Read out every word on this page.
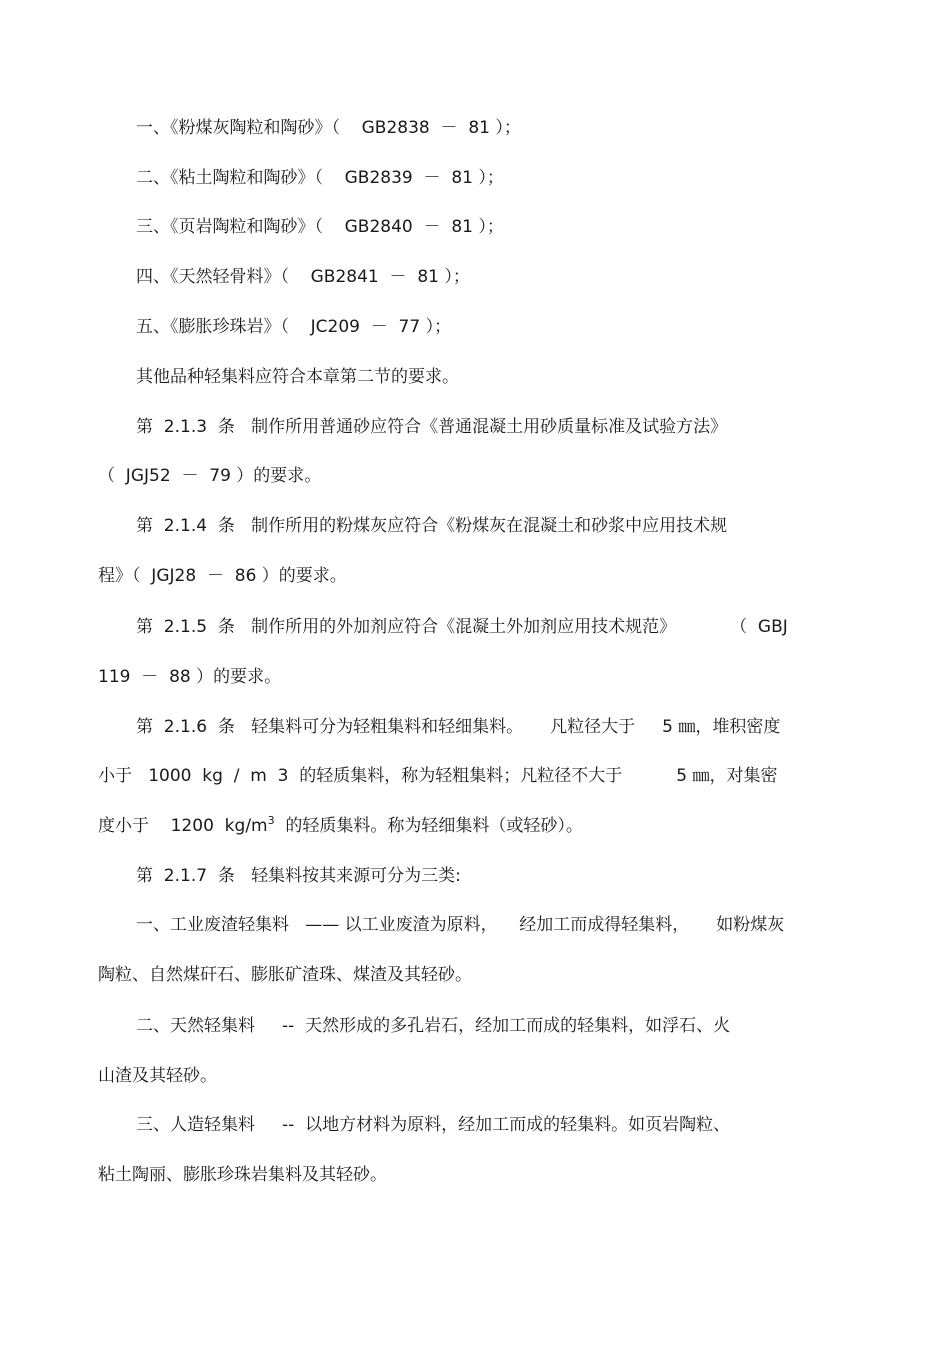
一、《粉煤灰陶粒和陶砂》（    GB2838  －  81 ）；
二、《粘土陶粒和陶砂》（    GB2839  －  81 ）；
三、《页岩陶粒和陶砂》（    GB2840  －  81 ）；
四、《天然轻骨料》（    GB2841  －  81 ）；
五、《膨胀珍珠岩》（    JC209  －  77 ）；
其他品种轻集料应符合本章第二节的要求。
第  2.1.3  条   制作所用普通砂应符合《普通混凝土用砂质量标准及试验方法》
（  JGJ52  －  79 ）的要求。
第  2.1.4  条   制作所用的粉煤灰应符合《粉煤灰在混凝土和砂浆中应用技术规
程》（  JGJ28  －  86 ）的要求。
第  2.1.5  条   制作所用的外加剂应符合《混凝土外加剂应用技术规范》          （  GBJ
119  －  88 ）的要求。
第  2.1.6  条   轻集料可分为轻粗集料和轻细集料。     凡粒径大于     5 ㎜，堆积密度
小于   1000  kg  /  m  3  的轻质集料，称为轻粗集料；凡粒径不大于          5 ㎜，对集密
度小于    1200  $kg/m^3$  的轻质集料。称为轻细集料（或轻砂）。
第  2.1.7  条   轻集料按其来源可分为三类:
一、工业废渣轻集料   —— 以工业废渣为原料，    经加工而成得轻集料，     如粉煤灰
陶粒、自然煤矸石、膨胀矿渣珠、煤渣及其轻砂。
二、天然轻集料     --  天然形成的多孔岩石，经加工而成的轻集料，如浮石、火
山渣及其轻砂。
三、人造轻集料     --  以地方材料为原料，经加工而成的轻集料。如页岩陶粒、
粘土陶丽、膨胀珍珠岩集料及其轻砂。
